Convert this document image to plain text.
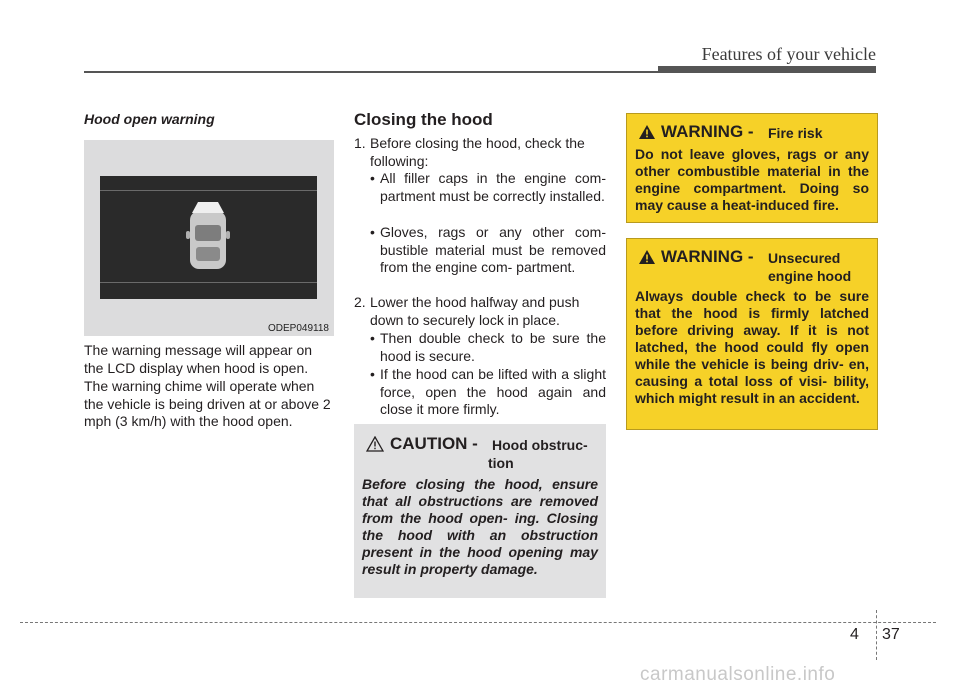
Features of your vehicle
Hood open warning
ODEP049118
The warning message will appear on the LCD display when hood is open.
The warning chime will operate when the vehicle is being driven at or above 2 mph (3 km/h) with the hood open.
Closing the hood
1. Before closing the hood, check the following:
• All filler caps in the engine com- partment must be correctly installed.
• Gloves, rags or any other com- bustible material must be removed from the engine com- partment.
2. Lower the hood halfway and push down to securely lock in place.
• Then double check to be sure the hood is secure.
• If the hood can be lifted with a slight force, open the hood again and close it more firmly.
CAUTION - Hood obstruc-
tion
Before closing the hood, ensure that all obstructions are removed from the hood open- ing. Closing the hood with an obstruction present in the hood opening may result in property damage.
WARNING - Fire risk
Do not leave gloves, rags or any other combustible material in the engine compartment. Doing so may cause a heat-induced fire.
WARNING - Unsecured
engine hood
Always double check to be sure that the hood is firmly latched before driving away. If it is not latched, the hood could fly open while the vehicle is being driv- en, causing a total loss of visi- bility, which might result in an accident.
4 37
carmanualsonline.info
